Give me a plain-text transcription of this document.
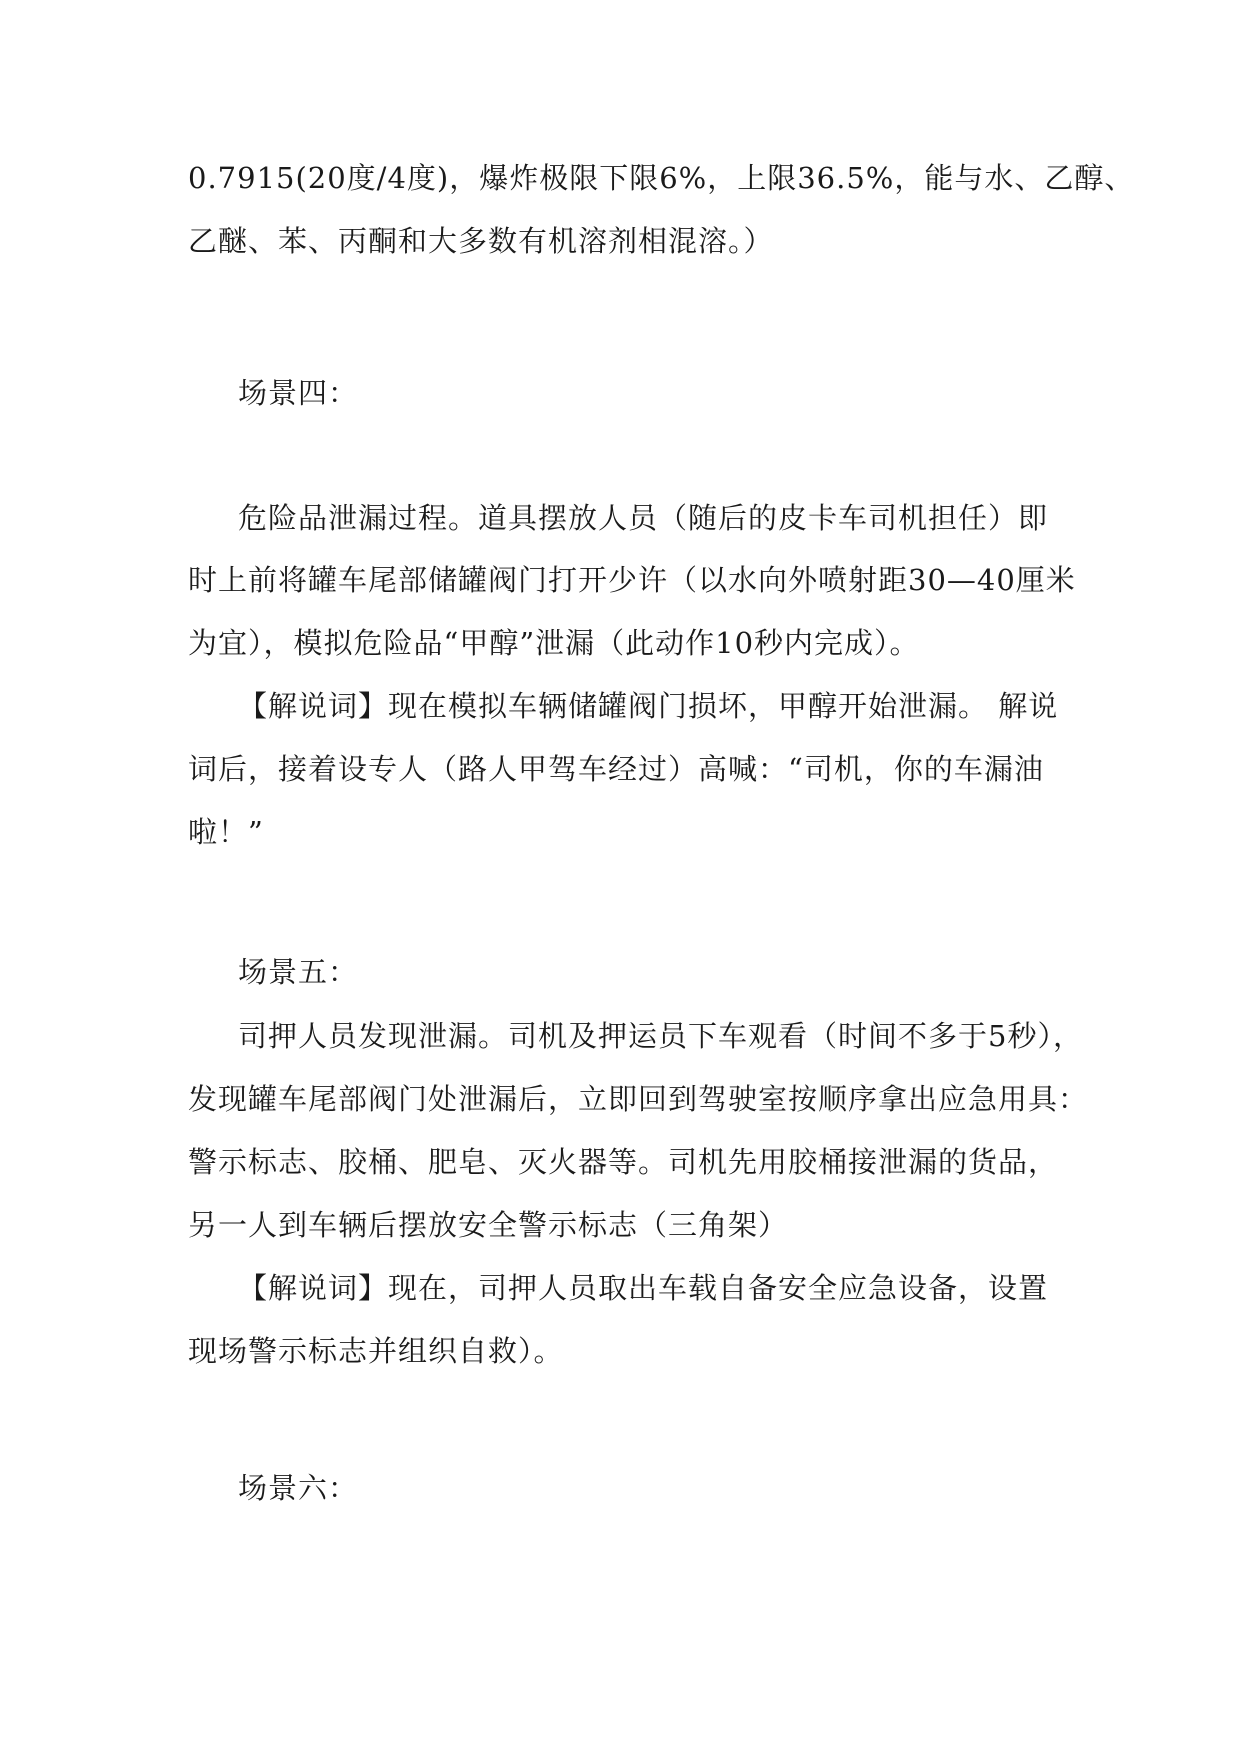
0.7915(20度/4度)，爆炸极限下限6%，上限36.5%，能与水、乙醇、
乙醚、苯、丙酮和大多数有机溶剂相混溶。）
场景四：
危险品泄漏过程。道具摆放人员（随后的皮卡车司机担任）即
时上前将罐车尾部储罐阀门打开少许（以水向外喷射距30—40厘米
为宜），模拟危险品“甲醇”泄漏（此动作10秒内完成）。
【解说词】现在模拟车辆储罐阀门损坏，甲醇开始泄漏。 解说
词后，接着设专人（路人甲驾车经过）高喊：“司机，你的车漏油
啦！”
场景五：
司押人员发现泄漏。司机及押运员下车观看（时间不多于5秒），
发现罐车尾部阀门处泄漏后，立即回到驾驶室按顺序拿出应急用具：
警示标志、胶桶、肥皂、灭火器等。司机先用胶桶接泄漏的货品，
另一人到车辆后摆放安全警示标志（三角架）
【解说词】现在，司押人员取出车载自备安全应急设备，设置
现场警示标志并组织自救）。
场景六：
